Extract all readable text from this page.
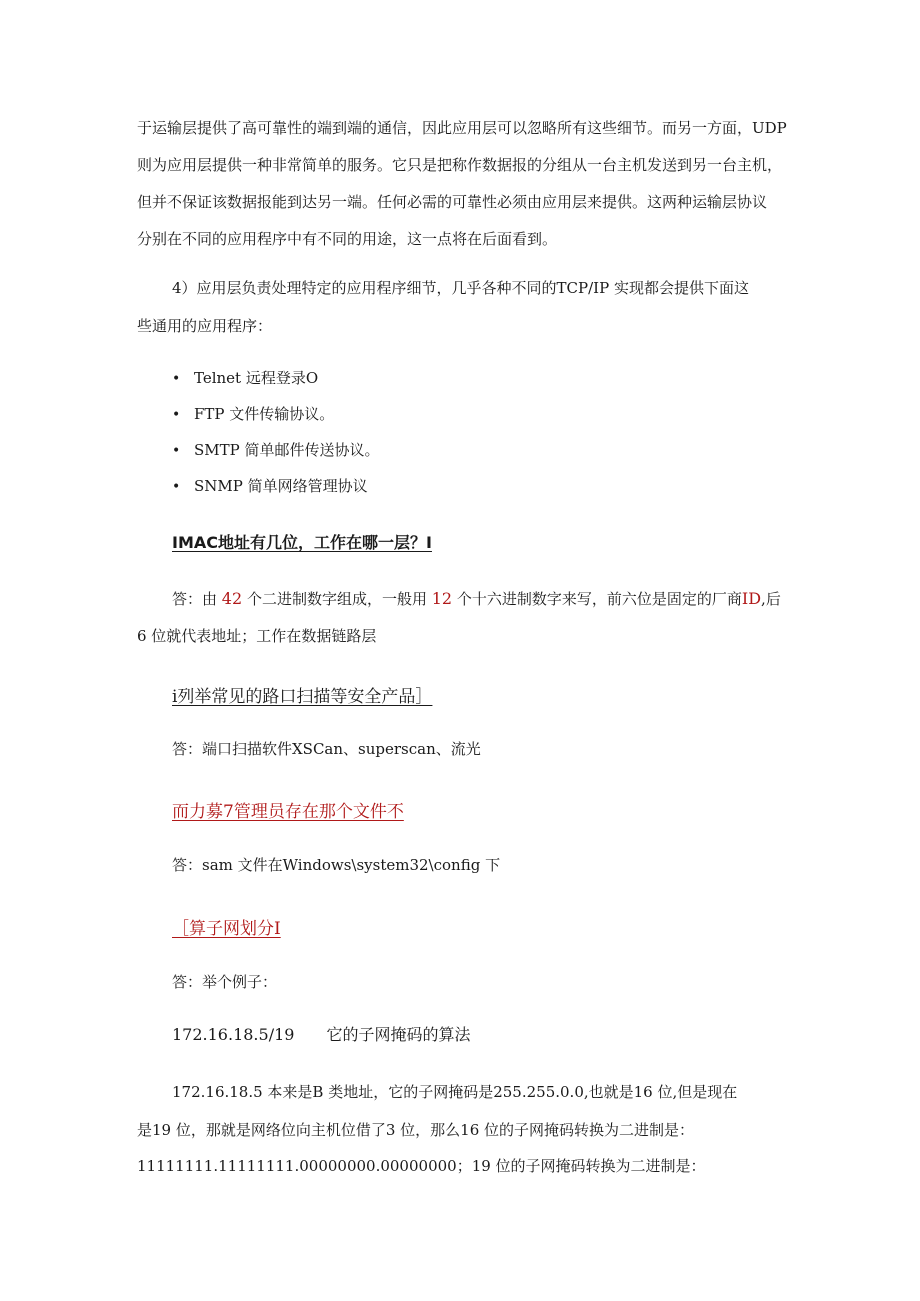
于运输层提供了高可靠性的端到端的通信，因此应用层可以忽略所有这些细节。而另一方面，UDP
则为应用层提供一种非常简单的服务。它只是把称作数据报的分组从一台主机发送到另一台主机，
但并不保证该数据报能到达另一端。任何必需的可靠性必须由应用层来提供。这两种运输层协议
分别在不同的应用程序中有不同的用途，这一点将在后面看到。
4）应用层负责处理特定的应用程序细节，几乎各种不同的TCP/IP 实现都会提供下面这
些通用的应用程序：
• Telnet 远程登录O
• FTP 文件传输协议。
• SMTP 简单邮件传送协议。
• SNMP 简单网络管理协议
IMAC地址有几位，工作在哪一层？I
答：由 42 个二进制数字组成，一般用 12 个十六进制数字来写，前六位是固定的厂商ID,后
6 位就代表地址；工作在数据链路层
i列举常见的路口扫描等安全产品］
答：端口扫描软件XSCan、superscan、流光
而力募7管理员存在那个文件不
答：sam 文件在Windows\system32\config 下
［算子网划分I
答：举个例子：
172.16.18.5/19　　它的子网掩码的算法
172.16.18.5 本来是B 类地址，它的子网掩码是255.255.0.0,也就是16 位,但是现在
是19 位，那就是网络位向主机位借了3 位，那么16 位的子网掩码转换为二进制是：
11111111.11111111.00000000.00000000；19 位的子网掩码转换为二进制是：
